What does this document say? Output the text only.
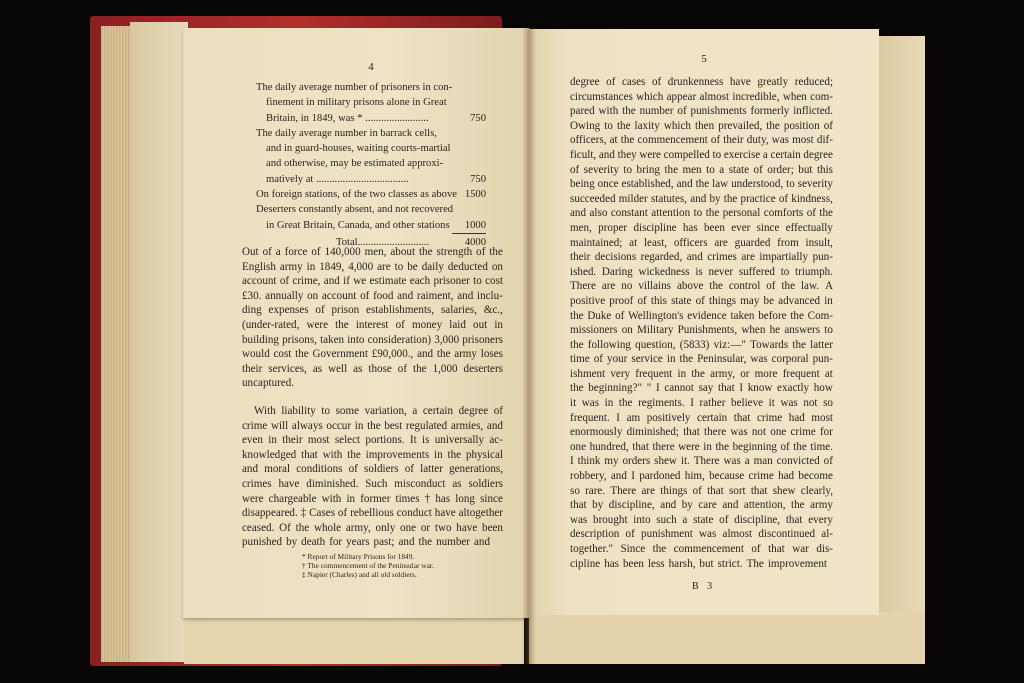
4
5
The daily average number of prisoners in con-
finement in military prisons alone in Great
Britain, in 1849, was * ........................	750
The daily average number in barrack cells,
and in guard-houses, waiting courts-martial
and otherwise, may be estimated approxi-
matively at ...................................	750
On foreign stations, of the two classes as above 1500
Deserters constantly absent, and not recovered
in Great Britain, Canada, and other stations	1000
Total...........................	4000
Out of a force of 140,000 men, about the strength of the
English army in 1849, 4,000 are to be daily deducted on
account of crime, and if we estimate each prisoner to cost
£30. annually on account of food and raiment, and inclu-
ding expenses of prison establishments, salaries, &c.,
(under-rated, were the interest of money laid out in
building prisons, taken into consideration) 3,000 prisoners
would cost the Government £90,000., and the army loses
their services, as well as those of the 1,000 deserters
uncaptured.
With liability to some variation, a certain degree of
crime will always occur in the best regulated armies, and
even in their most select portions. It is universally ac-
knowledged that with the improvements in the physical
and moral conditions of soldiers of latter generations,
crimes have diminished. Such misconduct as soldiers
were chargeable with in former times † has long since
disappeared. ‡ Cases of rebellious conduct have altogether
ceased. Of the whole army, only one or two have been
punished by death for years past; and the number and
* Report of Military Prisons for 1849.
† The commencement of the Peninsular war.
‡ Napier (Charles) and all old soldiers.
degree of cases of drunkenness have greatly reduced;
circumstances which appear almost incredible, when com-
pared with the number of punishments formerly inflicted.
Owing to the laxity which then prevailed, the position of
officers, at the commencement of their duty, was most dif-
ficult, and they were compelled to exercise a certain degree
of severity to bring the men to a state of order; but this
being once established, and the law understood, to severity
succeeded milder statutes, and by the practice of kindness,
and also constant attention to the personal comforts of the
men, proper discipline has been ever since effectually
maintained; at least, officers are guarded from insult,
their decisions regarded, and crimes are impartially pun-
ished. Daring wickedness is never suffered to triumph.
There are no villains above the control of the law. A
positive proof of this state of things may be advanced in
the Duke of Wellington's evidence taken before the Com-
missioners on Military Punishments, when he answers to
the following question, (5833) viz:—" Towards the latter
time of your service in the Peninsular, was corporal pun-
ishment very frequent in the army, or more frequent at
the beginning?" " I cannot say that I know exactly how
it was in the regiments. I rather believe it was not so
frequent. I am positively certain that crime had most
enormously diminished; that there was not one crime for
one hundred, that there were in the beginning of the time.
I think my orders shew it. There was a man convicted of
robbery, and I pardoned him, because crime had become
so rare. There are things of that sort that shew clearly,
that by discipline, and by care and attention, the army
was brought into such a state of discipline, that every
description of punishment was almost discontinued al-
together." Since the commencement of that war dis-
cipline has been less harsh, but strict. The improvement
B 3
